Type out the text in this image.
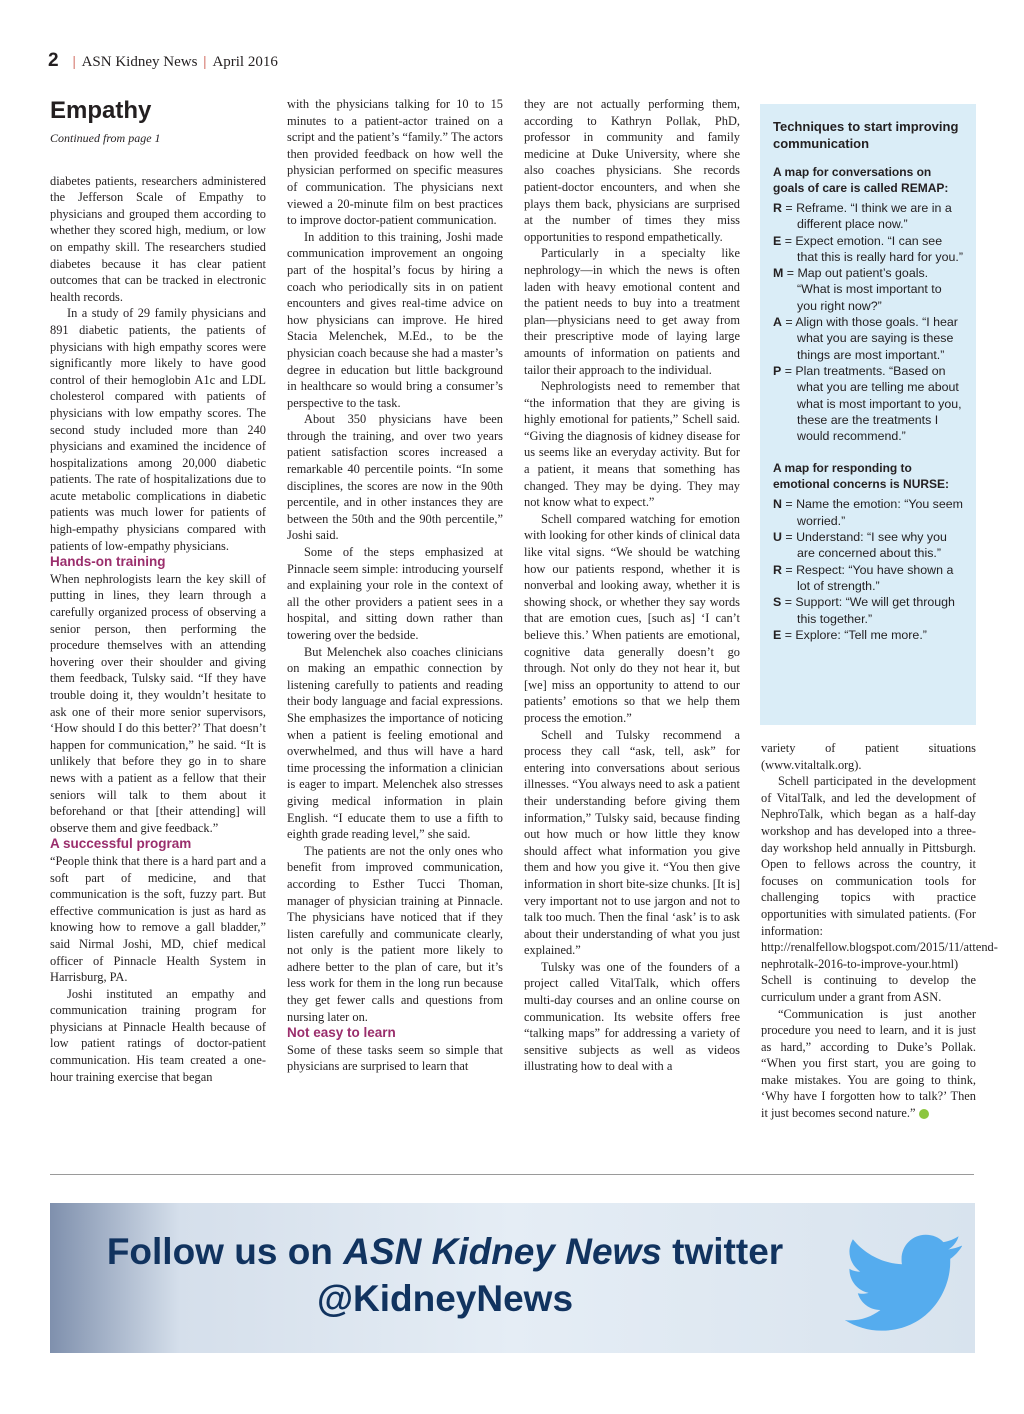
2 | ASN Kidney News | April 2016
Empathy
Continued from page 1

diabetes patients, researchers administered the Jefferson Scale of Empathy to physicians and grouped them according to whether they scored high, medium, or low on empathy skill. The researchers studied diabetes because it has clear patient outcomes that can be tracked in electronic health records.

In a study of 29 family physicians and 891 diabetic patients, the patients of physicians with high empathy scores were significantly more likely to have good control of their hemoglobin A1c and LDL cholesterol compared with patients of physicians with low empathy scores. The second study included more than 240 physicians and examined the incidence of hospitalizations among 20,000 diabetic patients. The rate of hospitalizations due to acute metabolic complications in diabetic patients was much lower for patients of high-empathy physicians compared with patients of low-empathy physicians.

Hands-on training

When nephrologists learn the key skill of putting in lines, they learn through a carefully organized process of observing a senior person, then performing the procedure themselves with an attending hovering over their shoulder and giving them feedback, Tulsky said. “If they have trouble doing it, they wouldn’t hesitate to ask one of their more senior supervisors, ‘How should I do this better?’ That doesn’t happen for communication,” he said. “It is unlikely that before they go in to share news with a patient as a fellow that their seniors will talk to them about it beforehand or that [their attending] will observe them and give feedback.”

A successful program

“People think that there is a hard part and a soft part of medicine, and that communication is the soft, fuzzy part. But effective communication is just as hard as knowing how to remove a gall bladder,” said Nirmal Joshi, MD, chief medical officer of Pinnacle Health System in Harrisburg, PA.

Joshi instituted an empathy and communication training program for physicians at Pinnacle Health because of low patient ratings of doctor-patient communication. His team created a one-hour training exercise that began

with the physicians talking for 10 to 15 minutes to a patient-actor trained on a script and the patient’s “family.” The actors then provided feedback on how well the physician performed on specific measures of communication. The physicians next viewed a 20-minute film on best practices to improve doctor-patient communication.

In addition to this training, Joshi made communication improvement an ongoing part of the hospital’s focus by hiring a coach who periodically sits in on patient encounters and gives real-time advice on how physicians can improve. He hired Stacia Melenchek, M.Ed., to be the physician coach because she had a master’s degree in education but little background in healthcare so would bring a consumer’s perspective to the task.

About 350 physicians have been through the training, and over two years patient satisfaction scores increased a remarkable 40 percentile points. “In some disciplines, the scores are now in the 90th percentile, and in other instances they are between the 50th and the 90th percentile,” Joshi said.

Some of the steps emphasized at Pinnacle seem simple: introducing yourself and explaining your role in the context of all the other providers a patient sees in a hospital, and sitting down rather than towering over the bedside.

But Melenchek also coaches clinicians on making an empathic connection by listening carefully to patients and reading their body language and facial expressions. She emphasizes the importance of noticing when a patient is feeling emotional and overwhelmed, and thus will have a hard time processing the information a clinician is eager to impart. Melenchek also stresses giving medical information in plain English. “I educate them to use a fifth to eighth grade reading level,” she said.

The patients are not the only ones who benefit from improved communication, according to Esther Tucci Thoman, manager of physician training at Pinnacle. The physicians have noticed that if they listen carefully and communicate clearly, not only is the patient more likely to adhere better to the plan of care, but it’s less work for them in the long run because they get fewer calls and questions from nursing later on.

Not easy to learn

Some of these tasks seem so simple that physicians are surprised to learn that

they are not actually performing them, according to Kathryn Pollak, PhD, professor in community and family medicine at Duke University, where she also coaches physicians. She records patient-doctor encounters, and when she plays them back, physicians are surprised at the number of times they miss opportunities to respond empathetically.

Particularly in a specialty like nephrology—in which the news is often laden with heavy emotional content and the patient needs to buy into a treatment plan—physicians need to get away from their prescriptive mode of laying large amounts of information on patients and tailor their approach to the individual.

Nephrologists need to remember that “the information that they are giving is highly emotional for patients,” Schell said. “Giving the diagnosis of kidney disease for us seems like an everyday activity. But for a patient, it means that something has changed. They may be dying. They may not know what to expect.”

Schell compared watching for emotion with looking for other kinds of clinical data like vital signs. “We should be watching how our patients respond, whether it is nonverbal and looking away, whether it is showing shock, or whether they say words that are emotion cues, [such as] ‘I can’t believe this.’ When patients are emotional, cognitive data generally doesn’t go through. Not only do they not hear it, but [we] miss an opportunity to attend to our patients’ emotions so that we help them process the emotion.”

Schell and Tulsky recommend a process they call “ask, tell, ask” for entering into conversations about serious illnesses. “You always need to ask a patient their understanding before giving them information,” Tulsky said, because finding out how much or how little they know should affect what information you give them and how you give it. “You then give information in short bite-size chunks. [It is] very important not to use jargon and not to talk too much. Then the final ‘ask’ is to ask about their understanding of what you just explained.”

Tulsky was one of the founders of a project called VitalTalk, which offers multi-day courses and an online course on communication. Its website offers free “talking maps” for addressing a variety of sensitive subjects as well as videos illustrating how to deal with a

Techniques to start improving communication
A map for conversations on goals of care is called REMAP:

R = Reframe. “I think we are in a different place now.”

E = Expect emotion. “I can see that this is really hard for you.”

M = Map out patient’s goals. “What is most important to you right now?”

A = Align with those goals. “I hear what you are saying is these things are most important.”

P = Plan treatments. “Based on what you are telling me about what is most important to you, these are the treatments I would recommend.”

A map for responding to emotional concerns is NURSE:

N = Name the emotion: “You seem worried.”

U = Understand: “I see why you are concerned about this.”

R = Respect: “You have shown a lot of strength.”

S = Support: “We will get through this together.”

E = Explore: “Tell me more.”

variety of patient situations (www.vitaltalk.org).

Schell participated in the development of VitalTalk, and led the development of NephroTalk, which began as a half-day workshop and has developed into a three-day workshop held annually in Pittsburgh. Open to fellows across the country, it focuses on communication tools for challenging topics with practice opportunities with simulated patients. (For information: http://renalfellow.blogspot.com/2015/11/attend-nephrotalk-2016-to-improve-your.html) Schell is continuing to develop the curriculum under a grant from ASN.

“Communication is just another procedure you need to learn, and it is just as hard,” according to Duke’s Pollak. “When you first start, you are going to make mistakes. You are going to think, ‘Why have I forgotten how to talk?’ Then it just becomes second nature.”

Follow us on ASN Kidney News twitter
@KidneyNews
